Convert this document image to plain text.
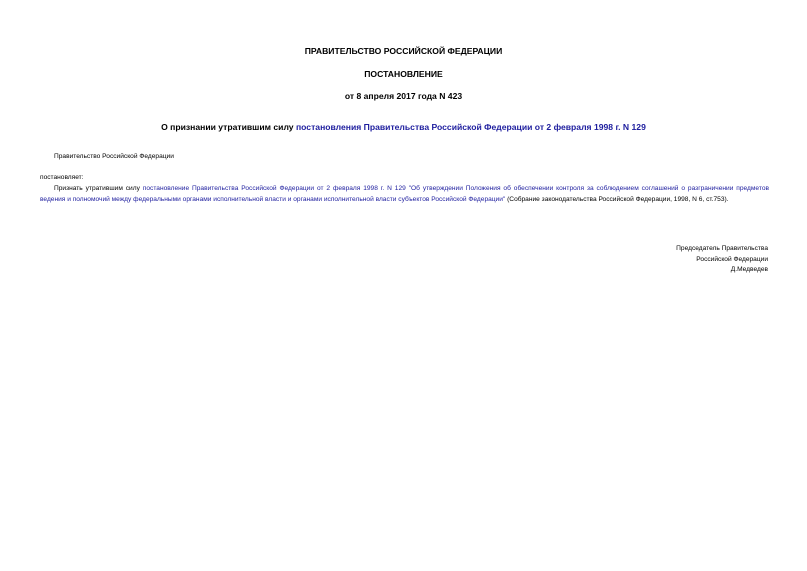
ПРАВИТЕЛЬСТВО РОССИЙСКОЙ ФЕДЕРАЦИИ
ПОСТАНОВЛЕНИЕ
от 8 апреля 2017 года N 423
О признании утратившим силу постановления Правительства Российской Федерации от 2 февраля 1998 г. N 129
Правительство Российской Федерации
постановляет:
Признать утратившим силу постановление Правительства Российской Федерации от 2 февраля 1998 г. N 129 "Об утверждении Положения об обеспечении контроля за соблюдением соглашений о разграничении предметов ведения и полномочий между федеральными органами исполнительной власти и органами исполнительной власти субъектов Российской Федерации" (Собрание законодательства Российской Федерации, 1998, N 6, ст.753).
Председатель Правительства
Российской Федерации
Д.Медведев
